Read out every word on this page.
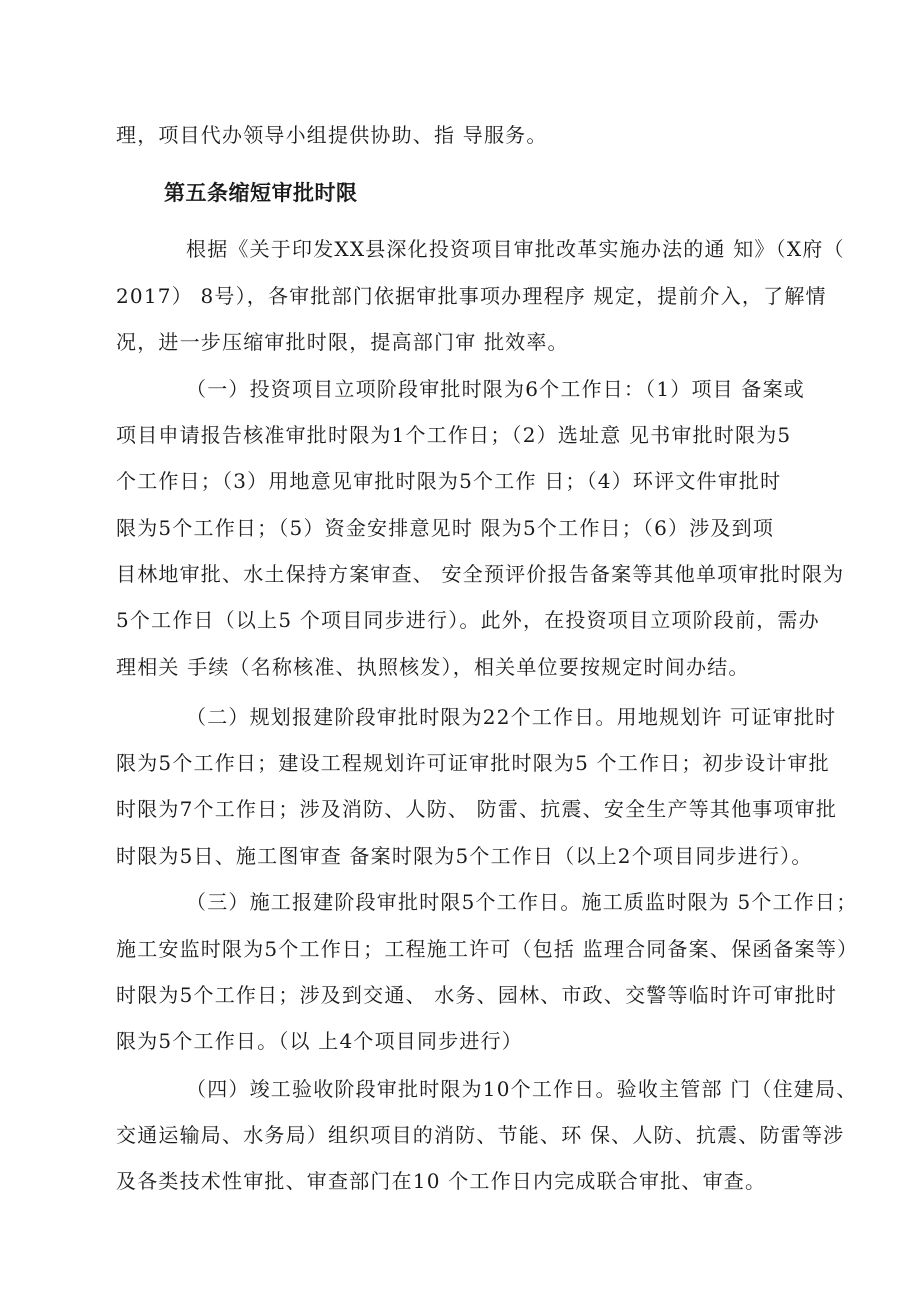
理，项目代办领导小组提供协助、指 导服务。
第五条缩短审批时限
根据《关于印发XX县深化投资项目审批改革实施办法的通 知》（X府（
2017） 8号），各审批部门依据审批事项办理程序 规定，提前介入，了解情
况，进一步压缩审批时限，提高部门审 批效率。
（一）投资项目立项阶段审批时限为6个工作日：（1）项目 备案或
项目申请报告核准审批时限为1个工作日；（2）选址意 见书审批时限为5
个工作日；（3）用地意见审批时限为5个工作 日；（4）环评文件审批时
限为5个工作日；（5）资金安排意见时 限为5个工作日；（6）涉及到项
目林地审批、水土保持方案审查、 安全预评价报告备案等其他单项审批时限为
5个工作日（以上5 个项目同步进行）。此外，在投资项目立项阶段前，需办
理相关 手续（名称核准、执照核发），相关单位要按规定时间办结。
（二）规划报建阶段审批时限为22个工作日。用地规划许 可证审批时
限为5个工作日；建设工程规划许可证审批时限为5 个工作日；初步设计审批
时限为7个工作日；涉及消防、人防、 防雷、抗震、安全生产等其他事项审批
时限为5日、施工图审查 备案时限为5个工作日（以上2个项目同步进行）。
（三）施工报建阶段审批时限5个工作日。施工质监时限为 5个工作日；
施工安监时限为5个工作日；工程施工许可（包括 监理合同备案、保函备案等）
时限为5个工作日；涉及到交通、 水务、园林、市政、交警等临时许可审批时
限为5个工作日。（以 上4个项目同步进行）
（四）竣工验收阶段审批时限为10个工作日。验收主管部 门（住建局、
交通运输局、水务局）组织项目的消防、节能、环 保、人防、抗震、防雷等涉
及各类技术性审批、审查部门在10 个工作日内完成联合审批、审查。
